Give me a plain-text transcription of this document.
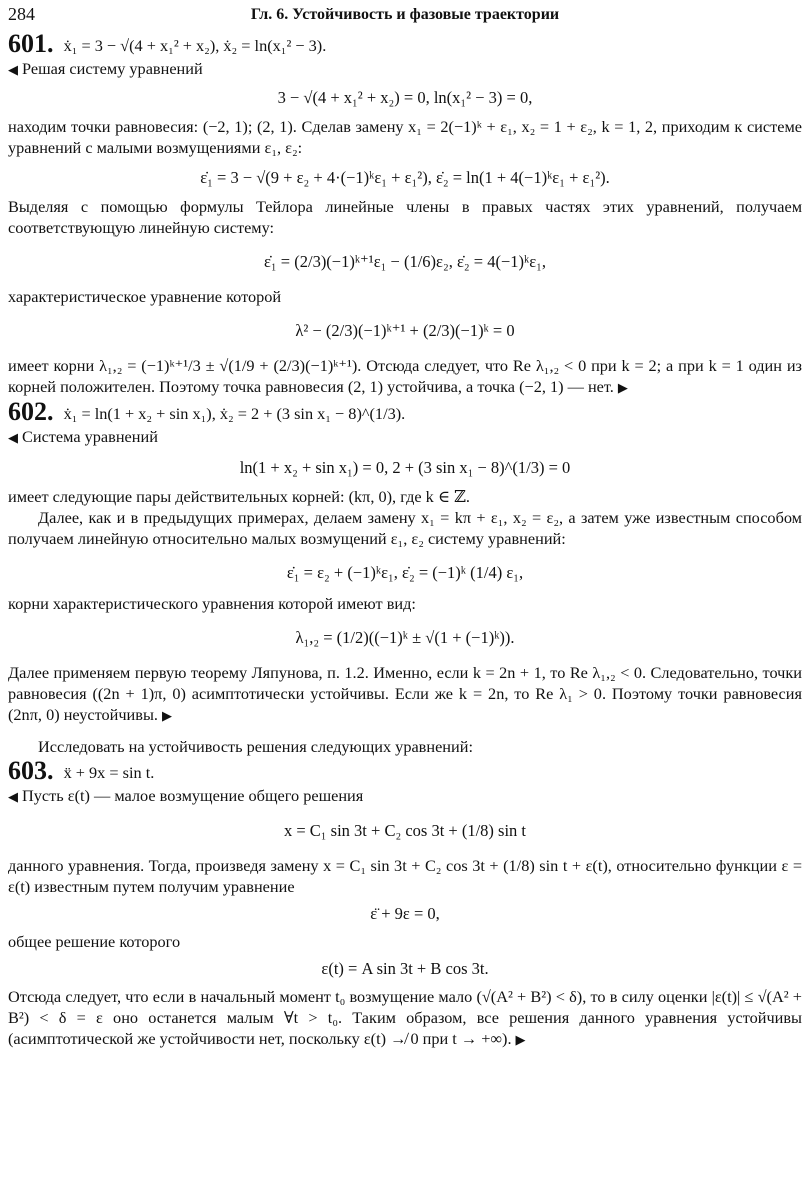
284	Гл. 6. Устойчивость и фазовые траектории
601. ẋ₁ = 3 − √(4 + x₁² + x₂), ẋ₂ = ln(x₁² − 3).

◀ Решая систему уравнений

3 − √(4 + x₁² + x₂) = 0, ln(x₁² − 3) = 0,

находим точки равновесия: (−2, 1); (2, 1). Сделав замену x₁ = 2(−1)ᵏ + ε₁, x₂ = 1 + ε₂, k = 1, 2, приходим к системе уравнений с малыми возмущениями ε₁, ε₂:

ε̇₁ = 3 − √(9 + ε₂ + 4·(−1)ᵏε₁ + ε₁²), ε̇₂ = ln(1 + 4(−1)ᵏε₁ + ε₁²).

Выделяя с помощью формулы Тейлора линейные члены в правых частях этих уравнений, получаем соответствующую линейную систему:

ε̇₁ = (2/3)(−1)ᵏ⁺¹ε₁ − (1/6)ε₂, ε̇₂ = 4(−1)ᵏε₁,

характеристическое уравнение которой

λ² − (2/3)(−1)ᵏ⁺¹ + (2/3)(−1)ᵏ = 0

имеет корни λ₁,₂ = (−1)ᵏ⁺¹/3 ± √(1/9 + (2/3)(−1)ᵏ⁺¹). Отсюда следует, что Re λ₁,₂ < 0 при k = 2; а при k = 1 один из корней положителен. Поэтому точка равновесия (2, 1) устойчива, а точка (−2, 1) — нет. ▶

602. ẋ₁ = ln(1 + x₂ + sin x₁), ẋ₂ = 2 + (3 sin x₁ − 8)^(1/3).

◀ Система уравнений

ln(1 + x₂ + sin x₁) = 0, 2 + (3 sin x₁ − 8)^(1/3) = 0

имеет следующие пары действительных корней: (kπ, 0), где k ∈ ℤ.

Далее, как и в предыдущих примерах, делаем замену x₁ = kπ + ε₁, x₂ = ε₂, а затем уже известным способом получаем линейную относительно малых возмущений ε₁, ε₂ систему уравнений:

ε̇₁ = ε₂ + (−1)ᵏε₁, ε̇₂ = (−1)ᵏ (1/4) ε₁,

корни характеристического уравнения которой имеют вид:

λ₁,₂ = (1/2)((−1)ᵏ ± √(1 + (−1)ᵏ)).

Далее применяем первую теорему Ляпунова, п. 1.2. Именно, если k = 2n + 1, то Re λ₁,₂ < 0. Следовательно, точки равновесия ((2n + 1)π, 0) асимптотически устойчивы. Если же k = 2n, то Re λ₁ > 0. Поэтому точки равновесия (2nπ, 0) неустойчивы. ▶

Исследовать на устойчивость решения следующих уравнений:

603. ẍ + 9x = sin t.

◀ Пусть ε(t) — малое возмущение общего решения

x = C₁ sin 3t + C₂ cos 3t + (1/8) sin t

данного уравнения. Тогда, произведя замену x = C₁ sin 3t + C₂ cos 3t + (1/8) sin t + ε(t), относительно функции ε = ε(t) известным путем получим уравнение

ε̈ + 9ε = 0,

общее решение которого

ε(t) = A sin 3t + B cos 3t.

Отсюда следует, что если в начальный момент t₀ возмущение мало (√(A² + B²) < δ), то в силу оценки |ε(t)| ≤ √(A² + B²) < δ = ε оно останется малым ∀t > t₀. Таким образом, все решения данного уравнения устойчивы (асимптотической же устойчивости нет, поскольку ε(t) ↛ 0 при t → +∞). ▶
